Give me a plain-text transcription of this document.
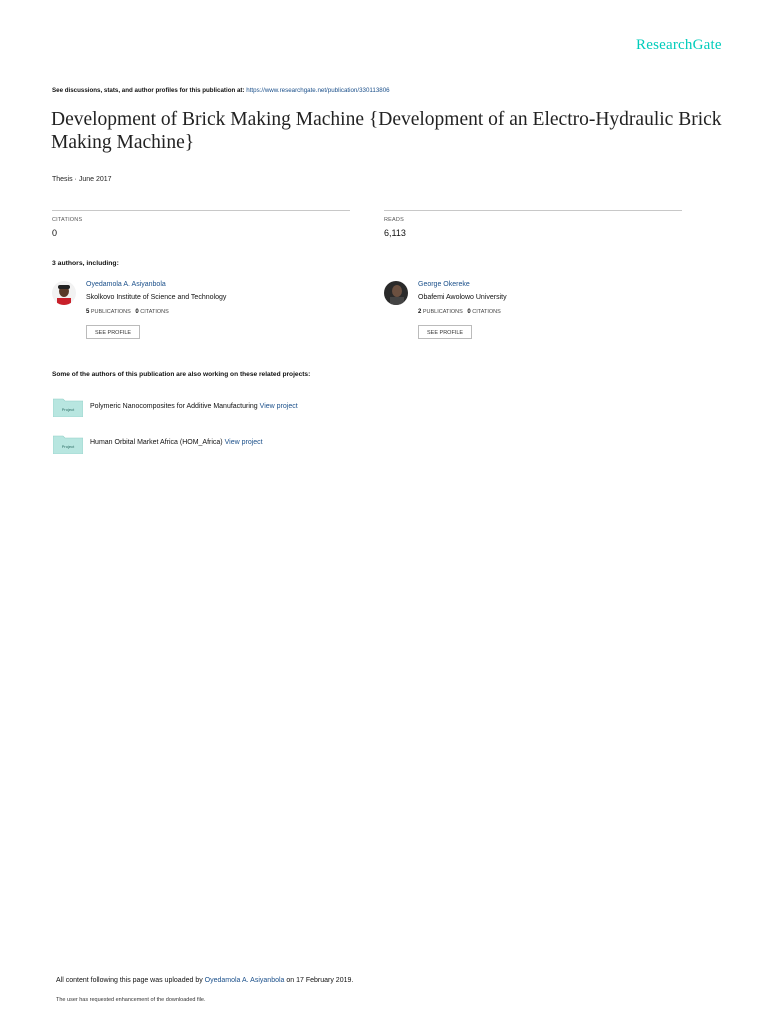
ResearchGate
See discussions, stats, and author profiles for this publication at: https://www.researchgate.net/publication/330113806
Development of Brick Making Machine {Development of an Electro-Hydraulic Brick Making Machine}
Thesis · June 2017
CITATIONS
0
READS
6,113
3 authors, including:
Oyedamola A. Asiyanbola
Skolkovo Institute of Science and Technology
5 PUBLICATIONS 0 CITATIONS
SEE PROFILE
George Okereke
Obafemi Awolowo University
2 PUBLICATIONS 0 CITATIONS
SEE PROFILE
Some of the authors of this publication are also working on these related projects:
Project Polymeric Nanocomposites for Additive Manufacturing View project
Project
Human Orbital Market Africa (HOM_Africa) View project
All content following this page was uploaded by Oyedamola A. Asiyanbola on 17 February 2019.
The user has requested enhancement of the downloaded file.
